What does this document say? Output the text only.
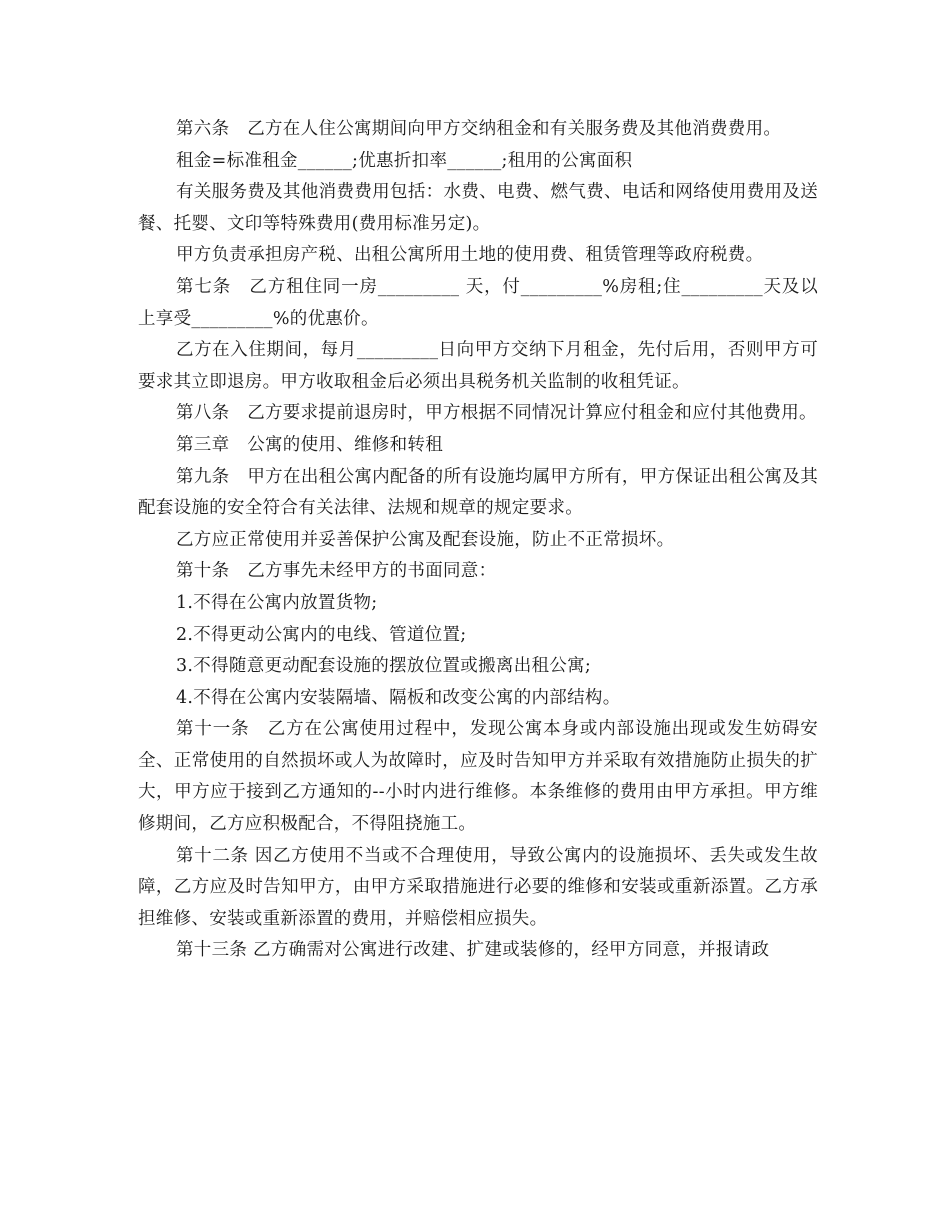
第六条　乙方在人住公寓期间向甲方交纳租金和有关服务费及其他消费费用。

租金=标准租金______;优惠折扣率______;租用的公寓面积

有关服务费及其他消费费用包括：水费、电费、燃气费、电话和网络使用费用及送餐、托婴、文印等特殊费用(费用标准另定)。

甲方负责承担房产税、出租公寓所用土地的使用费、租赁管理等政府税费。

第七条　乙方租住同一房_________ 天，付_________%房租;住_________天及以上享受_________%的优惠价。

乙方在入住期间，每月_________日向甲方交纳下月租金，先付后用，否则甲方可要求其立即退房。甲方收取租金后必须出具税务机关监制的收租凭证。

第八条　乙方要求提前退房时，甲方根据不同情况计算应付租金和应付其他费用。

第三章　公寓的使用、维修和转租

第九条　甲方在出租公寓内配备的所有设施均属甲方所有，甲方保证出租公寓及其配套设施的安全符合有关法律、法规和规章的规定要求。

乙方应正常使用并妥善保护公寓及配套设施，防止不正常损坏。

第十条　乙方事先未经甲方的书面同意：

1.不得在公寓内放置货物;

2.不得更动公寓内的电线、管道位置;

3.不得随意更动配套设施的摆放位置或搬离出租公寓;

4.不得在公寓内安装隔墙、隔板和改变公寓的内部结构。

第十一条　乙方在公寓使用过程中，发现公寓本身或内部设施出现或发生妨碍安全、正常使用的自然损坏或人为故障时，应及时告知甲方并采取有效措施防止损失的扩大，甲方应于接到乙方通知的--小时内进行维修。本条维修的费用由甲方承担。甲方维修期间，乙方应积极配合，不得阻挠施工。

第十二条 因乙方使用不当或不合理使用，导致公寓内的设施损坏、丢失或发生故障，乙方应及时告知甲方，由甲方采取措施进行必要的维修和安装或重新添置。乙方承担维修、安装或重新添置的费用，并赔偿相应损失。

第十三条 乙方确需对公寓进行改建、扩建或装修的，经甲方同意，并报请政
